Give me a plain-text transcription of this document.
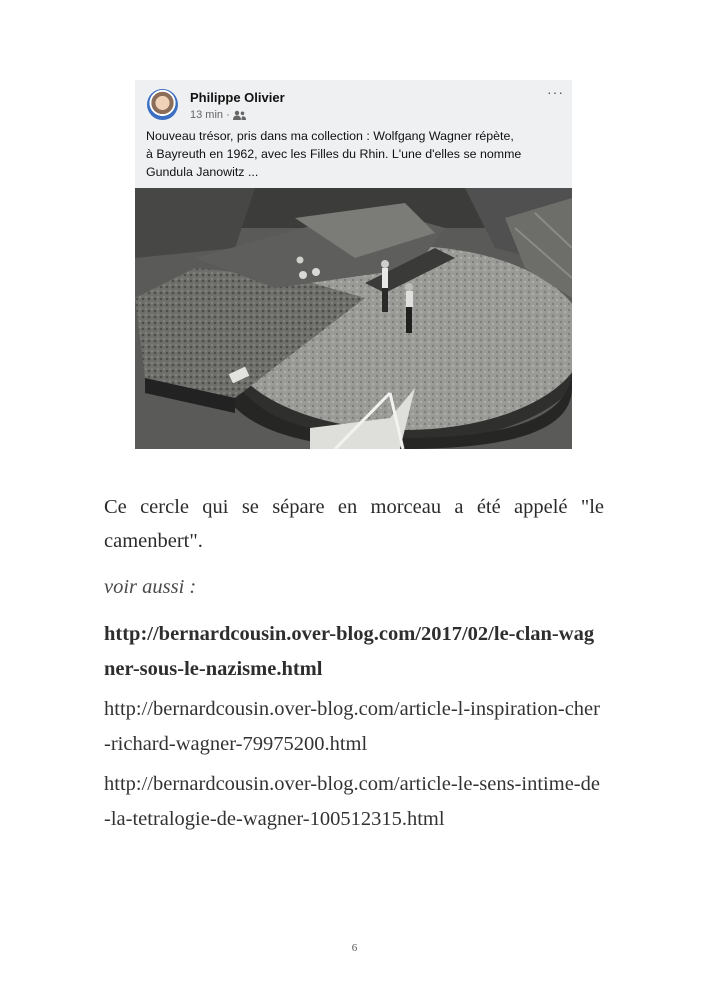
Philippe Olivier
13 min ·
···
Nouveau trésor, pris dans ma collection : Wolfgang Wagner répète,
à Bayreuth en 1962, avec les Filles du Rhin. L'une d'elles se nomme
Gundula Janowitz ...
Ce cercle qui se sépare en morceau a été appelé "le camenbert".
voir aussi :
http://bernardcousin.over-blog.com/2017/02/le-clan-wagner-sous-le-nazisme.html
http://bernardcousin.over-blog.com/article-l-inspiration-cher-richard-wagner-79975200.html
http://bernardcousin.over-blog.com/article-le-sens-intime-de-la-tetralogie-de-wagner-100512315.html
6
